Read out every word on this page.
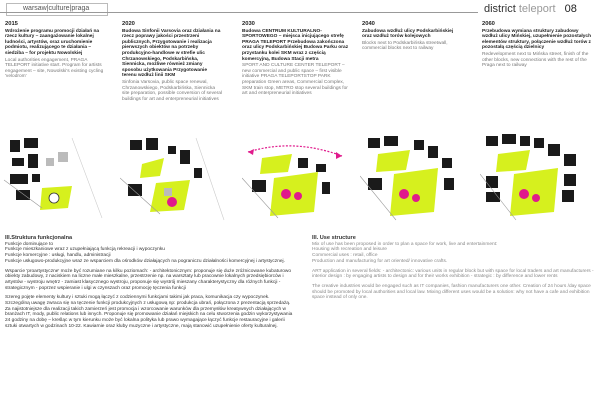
warsaw|culture|praga	district teleport 08
2015
Wdrożenie programu promocji działań na rzecz kultury – zaangażowanie lokalnej ludności, artystów, oraz uruchomienie podmiotu, realizującego te działania – siedziba – for projektu Nowolskiej
Local authorities engagement, PRAGA TELEPORT initiative start. Program for artists engagement – site, Nowolski's existing cycling 'velodrom'
2020
Budowa Sinfonii Varsovia oraz działania na rzecz poprawy jakości przestrzeni publicznych, Przygotowanie i realizacja pierwszych obiektów na potrzeby produkcyjno-handlowe w strefie ulic Chrzanowskiego, Podskarbińska, Siennicka, możliwe również zmiany sposobu użytkowania Przygotowanie terenu wzdłuż linii SKM
Sinfonia Varsovia, public space renewal, Chrzanowskiego, Podskarbińska, Siennicka site preparation, possible conversion of several buildings for art and enterpreneurial initiatives
2030
Budowa CENTRUM KULTURALNO-SPORTOWEGO – miejsca inicjującego strefę PRAGA TELEPORT Przebudowa zakończona oraz ulicy Podskarbińskiej Budowa Parku oraz przystanku kolei SKM wraz z częścią komercyjną, Budowa Stacji metra
SPORT AND CULTURE CENTER TELEPORT – new commercial and public space – first visible initiative PRAGA TELEPORTSTOP PARK preparation Green areas, Commercial Complex, SKM train stop, METRO stop several buildings for art and enterpreneurial initiatives
2040
Zabudowa wzdłuż ulicy Podskarbińskiej oraz wzdłuż torów kolejowych
Blocks next to Podskarbińska streetwall, commercial blocks next to railway
2060
Przebudowa wymiana struktury zabudowy wzdłuż ulicy Mińskiej, uzupełnienie pozostałych elementów struktury, połączenie wzdłuż torów z pozostałą częścią dzielnicy
Redevelopment next to Mińska street, finish of the other blocks, new connections with the rest of the Praga next to railway
III.Struktura funkcjonalna

Funkcje dominujące to
Funkcje mieszkaniowe wraz z uzupełniającą funkcją rekreacji i wypoczynku
Funkcje komercyjne : usługi, handlu, administracji
Funkcje usługowo-produkcyjne wraz ze wsparciem dla ośrodków działających na pograniczu działalności komercyjnej i artystycznej.

Wsparcie 'proartystyczne' może być rozumiane na kilku poziomach: - architektonicznym: proponuje się duże zróżnicowane kubaturowo obiekty zabudowy, z naciskiem na liczne małe mieszkalne, przestrzenie np. na warsztaty lub pracownie lokalnych przedsiębiorców i artystów - wystroju wnętrz - zamiast klasycznego wystroju, proponuje się wystrój mieszany charakterystyczny dla różnych funkcji - strategicznym - poprzez wspieranie i ulgi w czynszach oraz promocję tęczenia funkcji

Szereg pojęte elementy kultury i sztuki mogą łączyć z codziennymi funkcjami takimi jak praca, komunikacja czy wypoczynek. Szczególną uwagę zwraca się na tęczenie funkcji produkcyjnych z usługową np: produkcja ubrań, połączona z prezentacją sprzedażą. Za najistotniejsze dla realizacji takich zamierzeń jest promocja i wzorcowanie warunków dla przemysłów kreatywnych działających w branżach IT, mody, public relations lub innych. Proponuje się promowanie działań miejskich na celu stworzenia godzin wykorzystywania 24 godziny na dobę – kreśląc w tym kierunku może być lokalna polityka lub prawo wymagające łączyć funkcje restauracyjne i galerii sztuki otwartych w godzinach 10-22. Kawiarnie oraz kluby muzyczne i artystyczne, mają stanowić uzupełnienie oferty kulturalnej.

III. Use structure

Mix of use has been proposed in order to plan a space for work, live and entertainment:
Housing with recreation and leisure
Commercial uses : retail, office
Production and manufacturing for art oriented/ innovative crafts.

ART application in several fields: - architectonic: various units in regular block but with space for local traders and art manufacturers - interior design : by engaging artists to design and for their works exhibition - strategic : by difference and lower rents

The creative industries would be engaged such as IT companies, fashion manufacturers one other. Creation of 24 hours /day space should be promoted by local authorities and local law. Mixing different uses would be a solution: why not have a cafe and exhibition space instead of only one.
